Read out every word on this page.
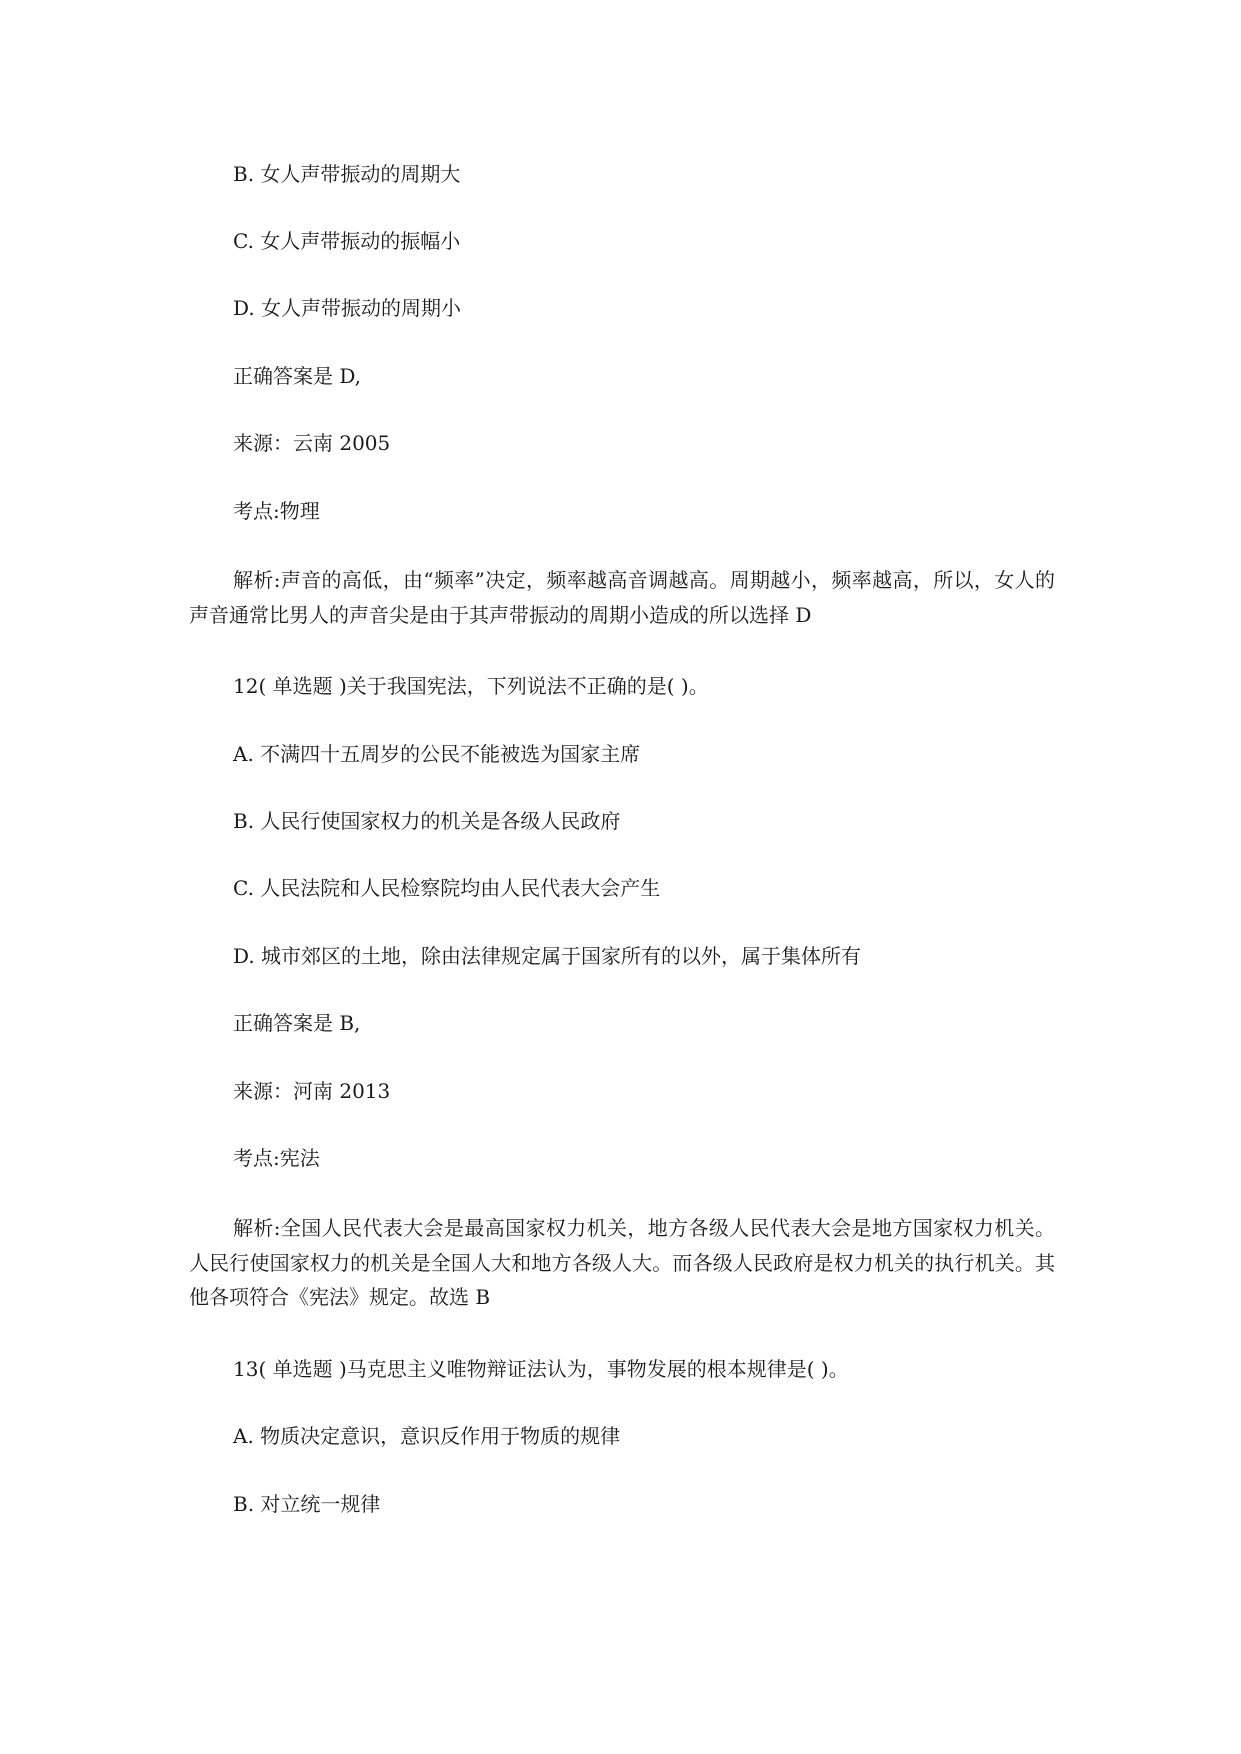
B. 女人声带振动的周期大

C. 女人声带振动的振幅小

D. 女人声带振动的周期小

正确答案是 D,

来源：云南 2005

考点:物理

解析:声音的高低，由“频率”决定，频率越高音调越高。周期越小，频率越高，所以，女人的声音通常比男人的声音尖是由于其声带振动的周期小造成的所以选择 D

12( 单选题 )关于我国宪法，下列说法不正确的是( )。

A. 不满四十五周岁的公民不能被选为国家主席

B. 人民行使国家权力的机关是各级人民政府

C. 人民法院和人民检察院均由人民代表大会产生

D. 城市郊区的土地，除由法律规定属于国家所有的以外，属于集体所有

正确答案是 B,

来源：河南 2013

考点:宪法

解析:全国人民代表大会是最高国家权力机关，地方各级人民代表大会是地方国家权力机关。人民行使国家权力的机关是全国人大和地方各级人大。而各级人民政府是权力机关的执行机关。其他各项符合《宪法》规定。故选 B

13( 单选题 )马克思主义唯物辩证法认为，事物发展的根本规律是( )。

A. 物质决定意识，意识反作用于物质的规律

B. 对立统一规律
